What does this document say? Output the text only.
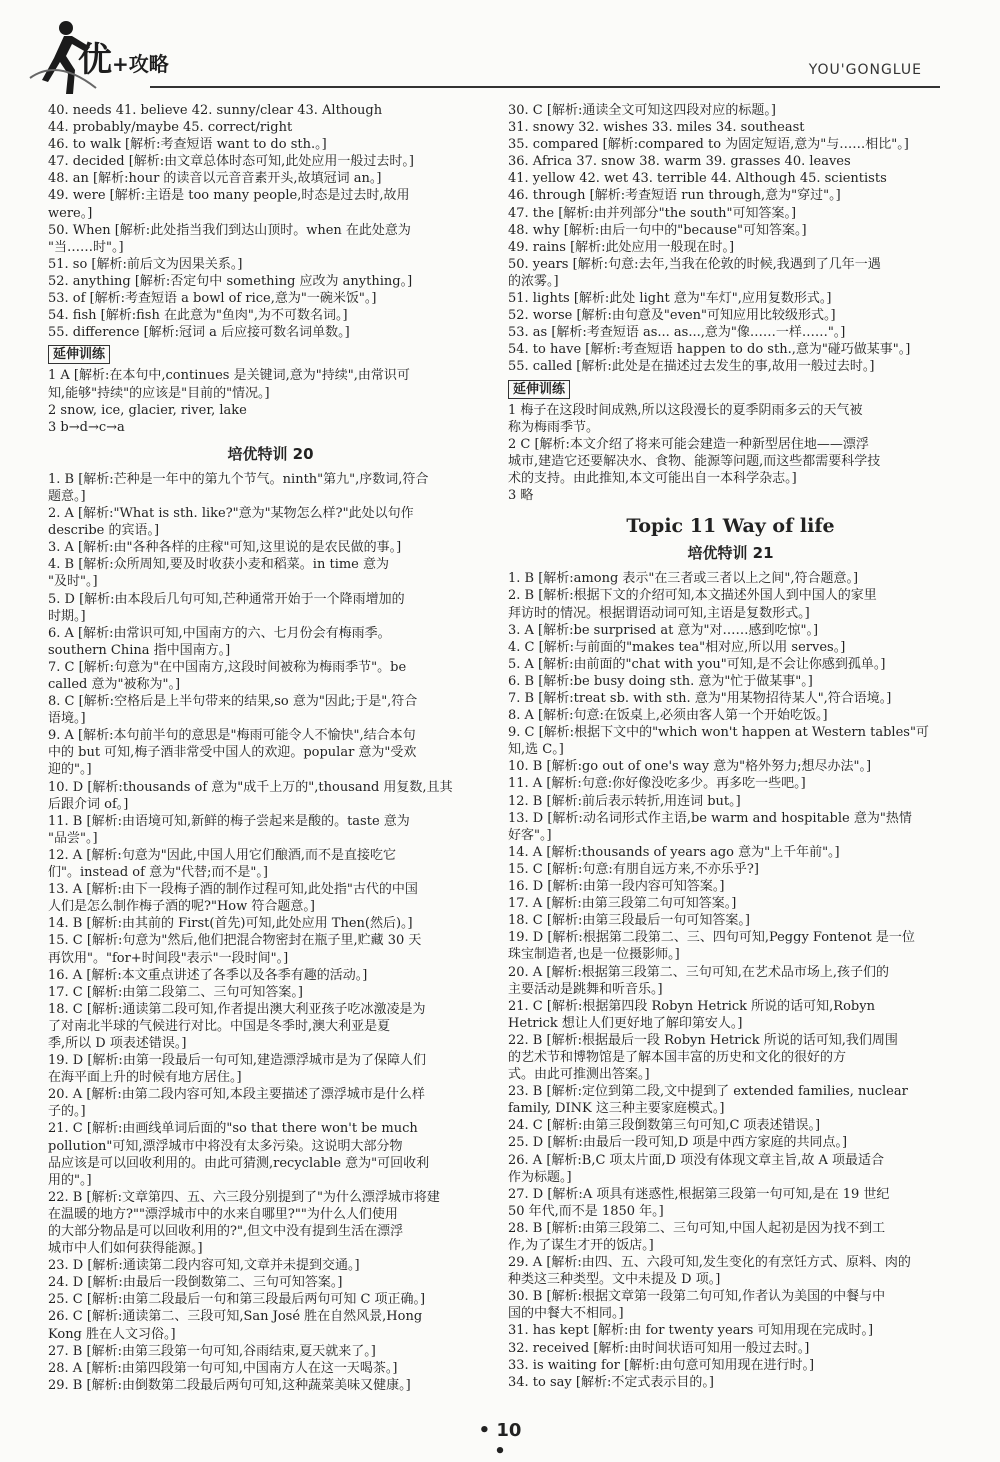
优+攻略	YOU'GONGLUE
40. needs 41. believe 42. sunny/clear 43. Although
44. probably/maybe 45. correct/right
46. to walk [解析:考查短语 want to do sth.。]
47. decided [解析:由文章总体时态可知,此处应用一般过去时。]
48. an [解析:hour 的读音以元音音素开头,故填冠词 an。]
49. were [解析:主语是 too many people,时态是过去时,故用
were。]
50. When [解析:此处指当我们到达山顶时。when 在此处意为
"当……时"。]
51. so [解析:前后文为因果关系。]
52. anything [解析:否定句中 something 应改为 anything。]
53. of [解析:考查短语 a bowl of rice,意为"一碗米饭"。]
54. fish [解析:fish 在此意为"鱼肉",为不可数名词。]
55. difference [解析:冠词 a 后应接可数名词单数。]
延伸训练
1 A [解析:在本句中,continues 是关键词,意为"持续",由常识可
知,能够"持续"的应该是"目前的"情况。]
2 snow, ice, glacier, river, lake
3 b→d→c→a
培优特训 20
1. B [解析:芒种是一年中的第九个节气。ninth"第九",序数词,符合
题意。]
2. A [解析:"What is sth. like?"意为"某物怎么样?"此处以句作
describe 的宾语。]
3. A [解析:由"各种各样的庄稼"可知,这里说的是农民做的事。]
4. B [解析:众所周知,要及时收获小麦和稻菜。in time 意为
"及时"。]
5. D [解析:由本段后几句可知,芒种通常开始于一个降雨增加的
时期。]
6. A [解析:由常识可知,中国南方的六、七月份会有梅雨季。
southern China 指中国南方。]
7. C [解析:句意为"在中国南方,这段时间被称为梅雨季节"。be
called 意为"被称为"。]
8. C [解析:空格后是上半句带来的结果,so 意为"因此;于是",符合
语境。]
9. A [解析:本句前半句的意思是"梅雨可能令人不愉快",结合本句
中的 but 可知,梅子酒非常受中国人的欢迎。popular 意为"受欢
迎的"。]
10. D [解析:thousands of 意为"成千上万的",thousand 用复数,且其
后跟介词 of。]
11. B [解析:由语境可知,新鲜的梅子尝起来是酸的。taste 意为
"品尝"。]
12. A [解析:句意为"因此,中国人用它们酿酒,而不是直接吃它
们"。instead of 意为"代替;而不是"。]
13. A [解析:由下一段梅子酒的制作过程可知,此处指"古代的中国
人们是怎么制作梅子酒的呢?"How 符合题意。]
14. B [解析:由其前的 First(首先)可知,此处应用 Then(然后)。]
15. C [解析:句意为"然后,他们把混合物密封在瓶子里,贮藏 30 天
再饮用"。"for+时间段"表示"一段时间"。]
16. A [解析:本文重点讲述了各季以及各季有趣的活动。]
17. C [解析:由第二段第二、三句可知答案。]
18. C [解析:通读第二段可知,作者提出澳大利亚孩子吃冰激凌是为
了对南北半球的气候进行对比。中国是冬季时,澳大利亚是夏
季,所以 D 项表述错误。]
19. D [解析:由第一段最后一句可知,建造漂浮城市是为了保障人们
在海平面上升的时候有地方居住。]
20. A [解析:由第二段内容可知,本段主要描述了漂浮城市是什么样
子的。]
21. C [解析:由画线单词后面的"so that there won't be much
pollution"可知,漂浮城市中将没有太多污染。这说明大部分物
品应该是可以回收利用的。由此可猜测,recyclable 意为"可回收利
用的"。]
22. B [解析:文章第四、五、六三段分别提到了"为什么漂浮城市将建
在温暖的地方?""漂浮城市中的水来自哪里?""为什么人们使用
的大部分物品是可以回收利用的?",但文中没有提到生活在漂浮
城市中人们如何获得能源。]
23. D [解析:通读第二段内容可知,文章并未提到交通。]
24. D [解析:由最后一段倒数第二、三句可知答案。]
25. C [解析:由第二段最后一句和第三段最后两句可知 C 项正确。]
26. C [解析:通读第二、三段可知,San José 胜在自然风景,Hong
Kong 胜在人文习俗。]
27. B [解析:由第三段第一句可知,谷雨结束,夏天就来了。]
28. A [解析:由第四段第一句可知,中国南方人在这一天喝茶。]
29. B [解析:由倒数第二段最后两句可知,这种蔬菜美味又健康。]
30. C [解析:通读全文可知这四段对应的标题。]
31. snowy 32. wishes 33. miles 34. southeast
35. compared [解析:compared to 为固定短语,意为"与……相比"。]
36. Africa 37. snow 38. warm 39. grasses 40. leaves
41. yellow 42. wet 43. terrible 44. Although 45. scientists
46. through [解析:考查短语 run through,意为"穿过"。]
47. the [解析:由并列部分"the south"可知答案。]
48. why [解析:由后一句中的"because"可知答案。]
49. rains [解析:此处应用一般现在时。]
50. years [解析:句意:去年,当我在伦敦的时候,我遇到了几年一遇
的浓雾。]
51. lights [解析:此处 light 意为"车灯",应用复数形式。]
52. worse [解析:由句意及"even"可知应用比较级形式。]
53. as [解析:考查短语 as... as...,意为"像……一样……"。]
54. to have [解析:考查短语 happen to do sth.,意为"碰巧做某事"。]
55. called [解析:此处是在描述过去发生的事,故用一般过去时。]
延伸训练
1 梅子在这段时间成熟,所以这段漫长的夏季阴雨多云的天气被
称为梅雨季节。
2 C [解析:本文介绍了将来可能会建造一种新型居住地——漂浮
城市,建造它还要解决水、食物、能源等问题,而这些都需要科学技
术的支持。由此推知,本文可能出自一本科学杂志。]
3 略
Topic 11 Way of life
培优特训 21
1. B [解析:among 表示"在三者或三者以上之间",符合题意。]
2. B [解析:根据下文的介绍可知,本文描述外国人到中国人的家里
拜访时的情况。根据谓语动词可知,主语是复数形式。]
3. A [解析:be surprised at 意为"对……感到吃惊"。]
4. C [解析:与前面的"makes tea"相对应,所以用 serves。]
5. A [解析:由前面的"chat with you"可知,是不会让你感到孤单。]
6. B [解析:be busy doing sth. 意为"忙于做某事"。]
7. B [解析:treat sb. with sth. 意为"用某物招待某人",符合语境。]
8. A [解析:句意:在饭桌上,必须由客人第一个开始吃饭。]
9. C [解析:根据下文中的"which won't happen at Western tables"可
知,选 C。]
10. B [解析:go out of one's way 意为"格外努力;想尽办法"。]
11. A [解析:句意:你好像没吃多少。再多吃一些吧。]
12. B [解析:前后表示转折,用连词 but。]
13. D [解析:动名词形式作主语,be warm and hospitable 意为"热情
好客"。]
14. A [解析:thousands of years ago 意为"上千年前"。]
15. C [解析:句意:有朋自远方来,不亦乐乎?]
16. D [解析:由第一段内容可知答案。]
17. A [解析:由第三段第二句可知答案。]
18. C [解析:由第三段最后一句可知答案。]
19. D [解析:根据第二段第二、三、四句可知,Peggy Fontenot 是一位
珠宝制造者,也是一位摄影师。]
20. A [解析:根据第三段第二、三句可知,在艺术品市场上,孩子们的
主要活动是跳舞和听音乐。]
21. C [解析:根据第四段 Robyn Hetrick 所说的话可知,Robyn
Hetrick 想让人们更好地了解印第安人。]
22. B [解析:根据最后一段 Robyn Hetrick 所说的话可知,我们周围
的艺术节和博物馆是了解本国丰富的历史和文化的很好的方
式。由此可推测出答案。]
23. B [解析:定位到第二段,文中提到了 extended families, nuclear
family, DINK 这三种主要家庭模式。]
24. C [解析:由第三段倒数第三句可知,C 项表述错误。]
25. D [解析:由最后一段可知,D 项是中西方家庭的共同点。]
26. A [解析:B,C 项太片面,D 项没有体现文章主旨,故 A 项最适合
作为标题。]
27. D [解析:A 项具有迷惑性,根据第三段第一句可知,是在 19 世纪
50 年代,而不是 1850 年。]
28. B [解析:由第三段第二、三句可知,中国人起初是因为找不到工
作,为了谋生才开的饭店。]
29. A [解析:由四、五、六段可知,发生变化的有烹饪方式、原料、肉的
种类这三种类型。文中未提及 D 项。]
30. B [解析:根据文章第一段第二句可知,作者认为美国的中餐与中
国的中餐大不相同。]
31. has kept [解析:由 for twenty years 可知用现在完成时。]
32. received [解析:由时间状语可知用一般过去时。]
33. is waiting for [解析:由句意可知用现在进行时。]
34. to say [解析:不定式表示目的。]
• 10 •
